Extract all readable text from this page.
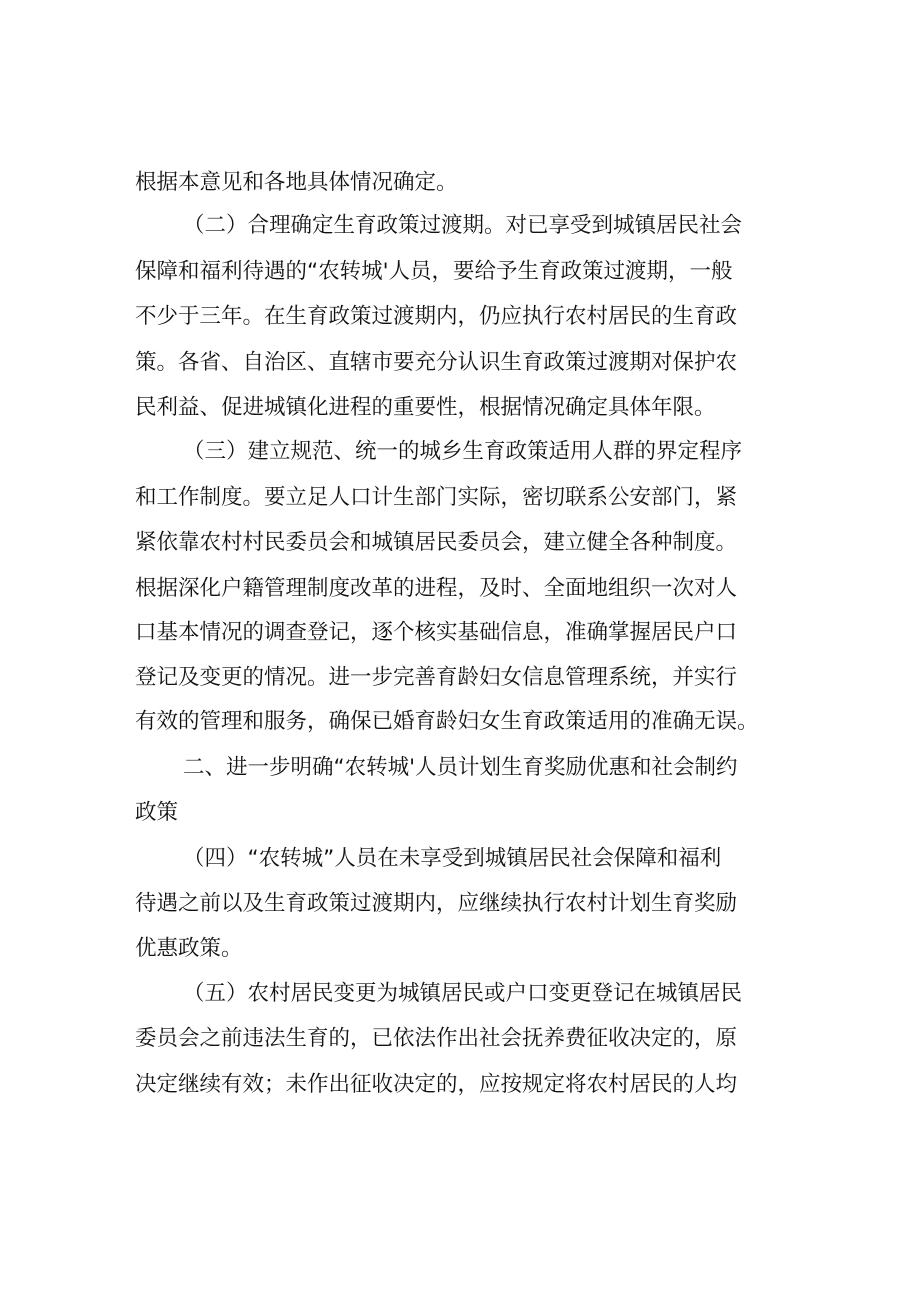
根据本意见和各地具体情况确定。
（二）合理确定生育政策过渡期。对已享受到城镇居民社会
保障和福利待遇的“农转城'人员，要给予生育政策过渡期，一般
不少于三年。在生育政策过渡期内，仍应执行农村居民的生育政
策。各省、自治区、直辖市要充分认识生育政策过渡期对保护农
民利益、促进城镇化进程的重要性，根据情况确定具体年限。
（三）建立规范、统一的城乡生育政策适用人群的界定程序
和工作制度。要立足人口计生部门实际，密切联系公安部门，紧
紧依靠农村村民委员会和城镇居民委员会，建立健全各种制度。
根据深化户籍管理制度改革的进程，及时、全面地组织一次对人
口基本情况的调查登记，逐个核实基础信息，准确掌握居民户口
登记及变更的情况。进一步完善育龄妇女信息管理系统，并实行
有效的管理和服务，确保已婚育龄妇女生育政策适用的准确无误。
二、进一步明确“农转城'人员计划生育奖励优惠和社会制约
政策
（四）“农转城”人员在未享受到城镇居民社会保障和福利
待遇之前以及生育政策过渡期内，应继续执行农村计划生育奖励
优惠政策。
（五）农村居民变更为城镇居民或户口变更登记在城镇居民
委员会之前违法生育的，已依法作出社会抚养费征收决定的，原
决定继续有效；未作出征收决定的，应按规定将农村居民的人均
